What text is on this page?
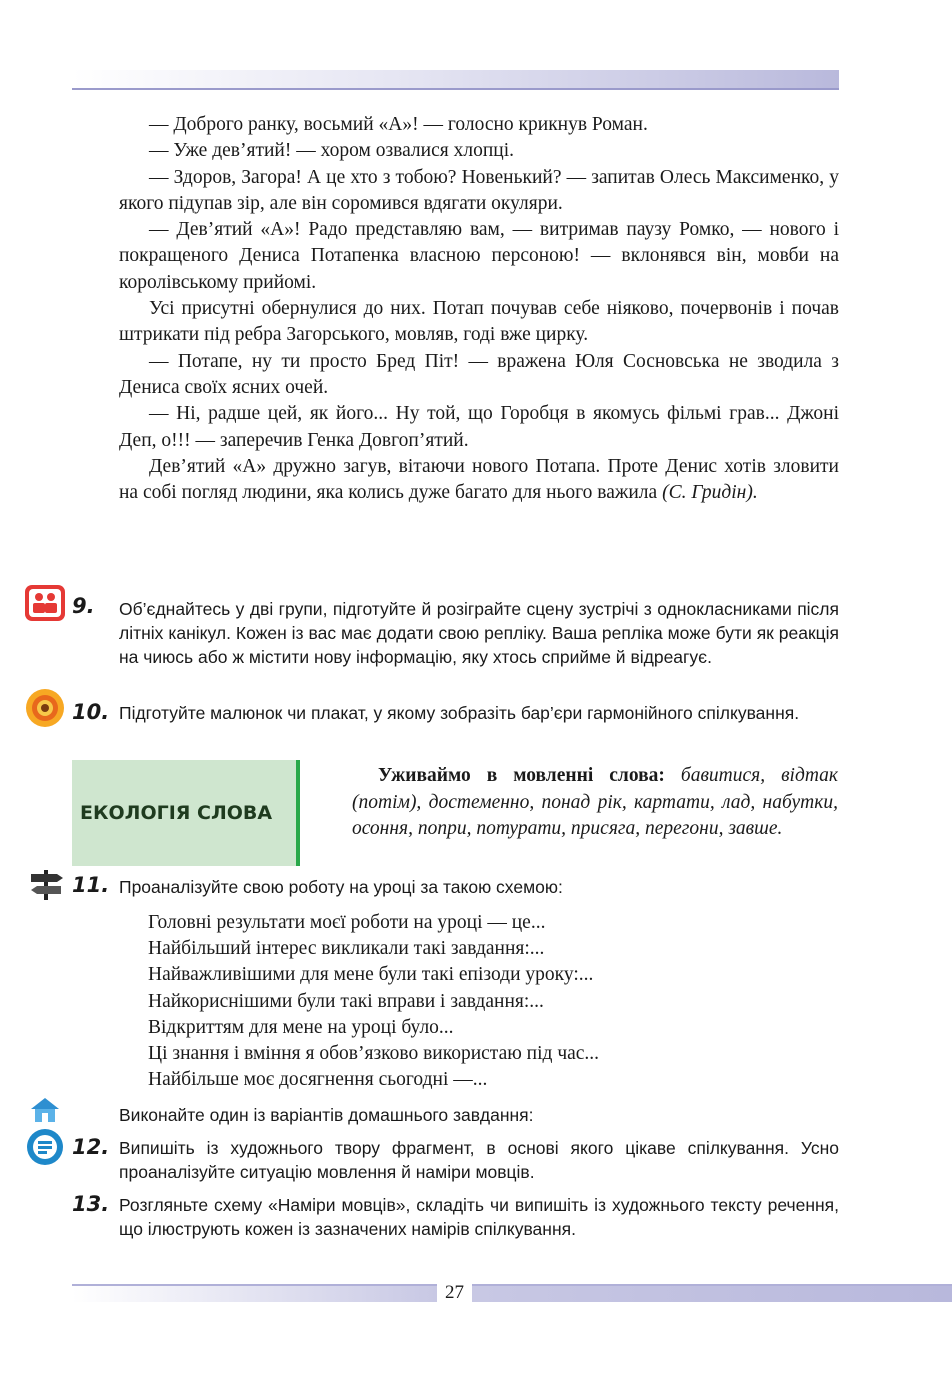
— Доброго ранку, восьмий «А»! — голосно крикнув Роман.

— Уже дев’ятий! — хором озвалися хлопці.

— Здоров, Загора! А це хто з тобою? Новенький? — запитав Олесь Максименко, у якого підупав зір, але він соромився вдягати окуляри.

— Дев’ятий «А»! Радо представляю вам, — витримав паузу Ромко, — нового і покращеного Дениса Потапенка власною персоною! — вклонявся він, мовби на королівському прийомі.

Усі присутні обернулися до них. Потап почував себе ніяково, почервонів і почав штрикати під ребра Загорського, мовляв, годі вже цирку.

— Потапе, ну ти просто Бред Піт! — вражена Юля Сосновська не зводила з Дениса своїх ясних очей.

— Ні, радше цей, як його... Ну той, що Горобця в якомусь фільмі грав... Джоні Деп, о!!! — заперечив Генка Довгоп’ятий.

Дев’ятий «А» дружно загув, вітаючи нового Потапа. Проте Денис хотів зловити на собі погляд людини, яка колись дуже багато для нього важила (С. Гридін).

9. Об’єднайтесь у дві групи, підготуйте й розіграйте сцену зустрічі з однокласниками після літніх канікул. Кожен із вас має додати свою репліку. Ваша репліка може бути як реакція на чиюсь або ж містити нову інформацію, яку хтось сприйме й відреагує.
10. Підготуйте малюнок чи плакат, у якому зобразіть бар’єри гармонійного спілкування.
ЕКОЛОГІЯ СЛОВА
Уживаймо в мовленні слова: бавитися, відтак (потім), достеменно, понад рік, картати, лад, набутки, осоння, попри, потурати, присяга, перегони, завше.
11. Проаналізуйте свою роботу на уроці за такою схемою:
Головні результати моєї роботи на уроці — це...
Найбільший інтерес викликали такі завдання:...
Найважливішими для мене були такі епізоди уроку:...
Найкориснішими були такі вправи і завдання:...
Відкриттям для мене на уроці було...
Ці знання і вміння я обов’язково використаю під час...
Найбільше моє досягнення сьогодні —...
Виконайте один із варіантів домашнього завдання:
12. Випишіть із художнього твору фрагмент, в основі якого цікаве спілкування. Усно проаналізуйте ситуацію мовлення й наміри мовців.
13. Розгляньте схему «Наміри мовців», складіть чи випишіть із художнього тексту речення, що ілюструють кожен із зазначених намірів спілкування.
27
